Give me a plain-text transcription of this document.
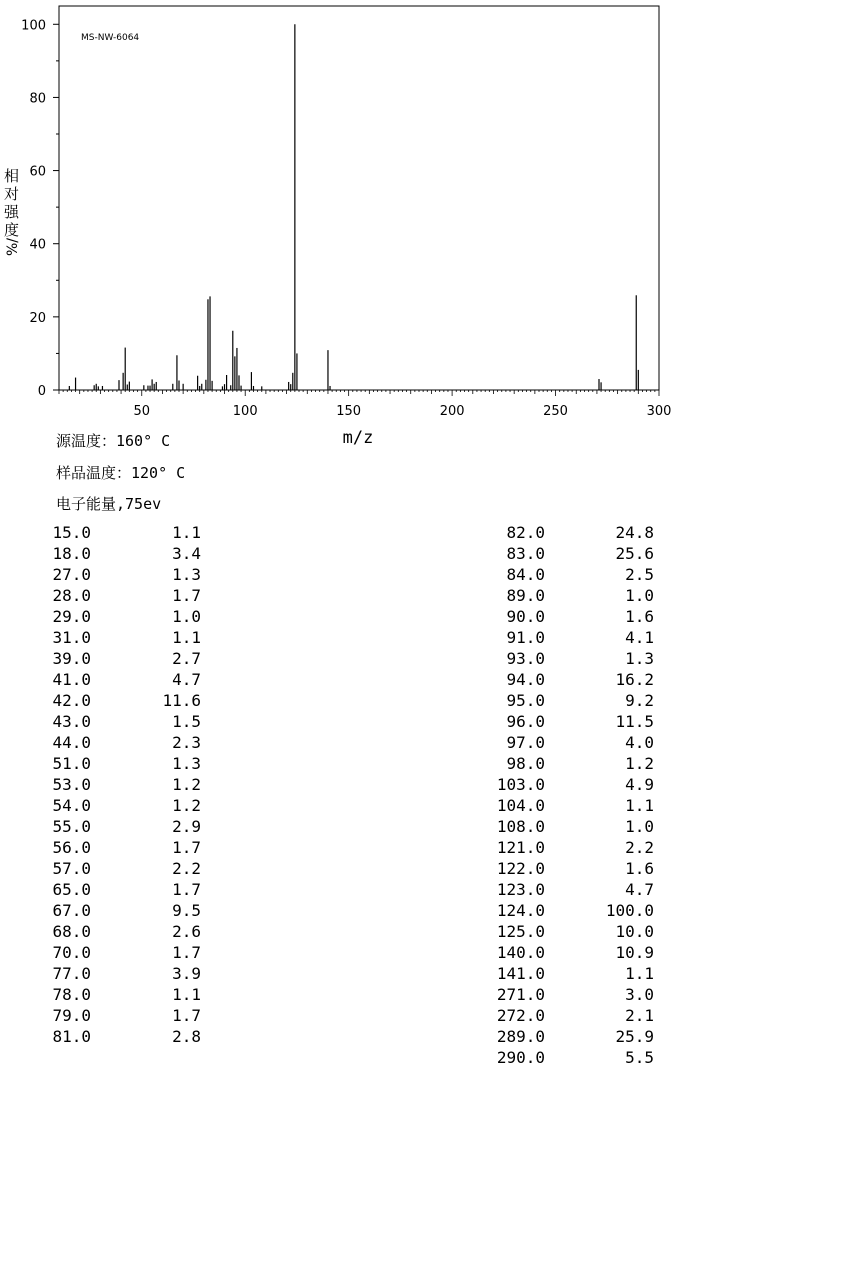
0
20
40
60
80
100
50	100	150	200	250	300
MS-NW-6064
m/z
相
对
强
度
%/
源温度：160° C
样品温度：120° C
电子能量,75ev
15.0	1.1
18.0	3.4
27.0	1.3
28.0	1.7
29.0	1.0
31.0	1.1
39.0	2.7
41.0	4.7
42.0	11.6
43.0	1.5
44.0	2.3
51.0	1.3
53.0	1.2
54.0	1.2
55.0	2.9
56.0	1.7
57.0	2.2
65.0	1.7
67.0	9.5
68.0	2.6
70.0	1.7
77.0	3.9
78.0	1.1
79.0	1.7
81.0	2.8
82.0	24.8
83.0	25.6
84.0	2.5
89.0	1.0
90.0	1.6
91.0	4.1
93.0	1.3
94.0	16.2
95.0	9.2
96.0	11.5
97.0	4.0
98.0	1.2
103.0	4.9
104.0	1.1
108.0	1.0
121.0	2.2
122.0	1.6
123.0	4.7
124.0	100.0
125.0	10.0
140.0	10.9
141.0	1.1
271.0	3.0
272.0	2.1
289.0	25.9
290.0	5.5
